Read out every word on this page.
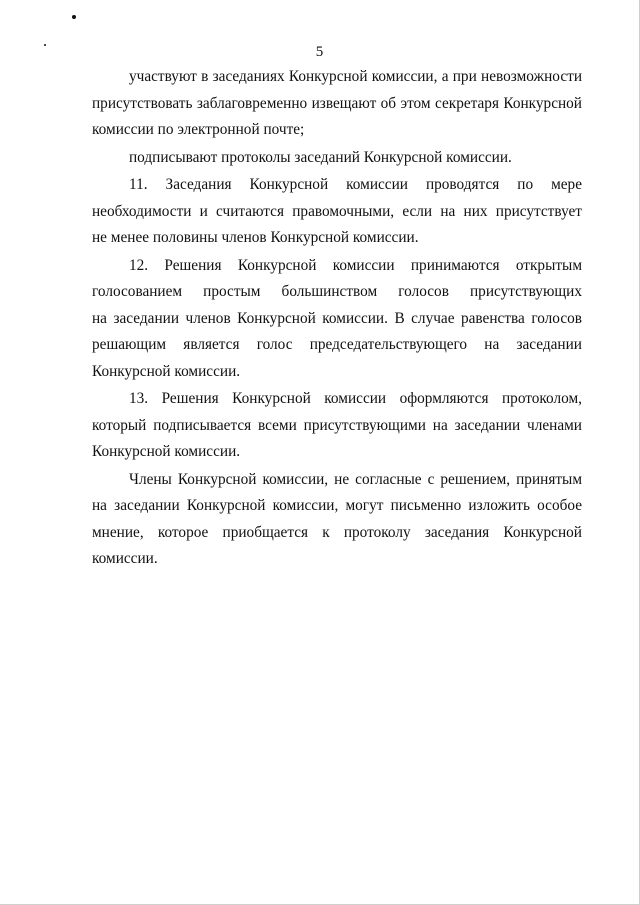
5

участвуют в заседаниях Конкурсной комиссии, а при невозможности
присутствовать заблаговременно извещают об этом секретаря Конкурсной
комиссии по электронной почте;

подписывают протоколы заседаний Конкурсной комиссии.

11. Заседания Конкурсной комиссии проводятся по мере
необходимости и считаются правомочными, если на них присутствует
не менее половины членов Конкурсной комиссии.

12. Решения Конкурсной комиссии принимаются открытым
голосованием простым большинством голосов присутствующих
на заседании членов Конкурсной комиссии. В случае равенства голосов
решающим является голос председательствующего на заседании
Конкурсной комиссии.

13. Решения Конкурсной комиссии оформляются протоколом,
который подписывается всеми присутствующими на заседании членами
Конкурсной комиссии.

Члены Конкурсной комиссии, не согласные с решением, принятым
на заседании Конкурсной комиссии, могут письменно изложить особое
мнение, которое приобщается к протоколу заседания Конкурсной
комиссии.
